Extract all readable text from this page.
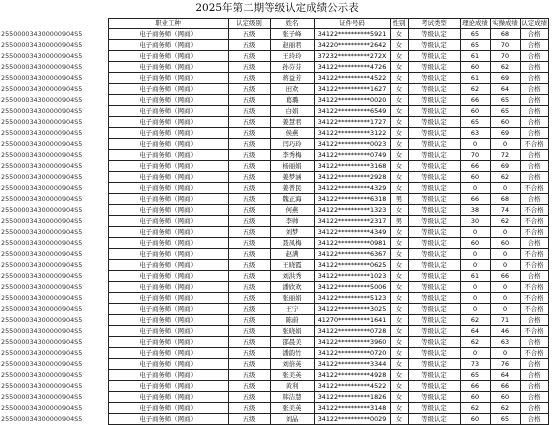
2025年第二期等级认定成绩公示表
	职业工种	认定级别	姓名	证件号码	性别	考试类型	理论成绩	实操成绩	认定成绩
255000034300000904S5	电子商务师（网商）	五级	张子峰	34122**********5921	女	等级认定	65	68	合格
255000034300000904S5	电子商务师（网商）	五级	赵丽君	34220**********2642	女	等级认定	65	70	合格
255000034300000904S5	电子商务师（网商）	五级	王玲玲	37232**********272X	女	等级认定	61	70	合格
255000034300000904S5	电子商务师（网商）	五级	孙芬芬	34122**********4726	女	等级认定	60	62	合格
255000034300000904S5	电子商务师（网商）	五级	蒋益芳	34122**********4522	女	等级认定	61	69	合格
255000034300000904S5	电子商务师（网商）	五级	田欢	34122**********1627	女	等级认定	62	64	合格
255000034300000904S5	电子商务师（网商）	五级	葛璐	34122**********0020	女	等级认定	66	65	合格
255000034300000904S5	电子商务师（网商）	五级	白娟	34122**********6549	女	等级认定	60	65	合格
255000034300000904S5	电子商务师（网商）	五级	姜慧君	34122**********1727	女	等级认定	65	60	合格
255000034300000904S5	电子商务师（网商）	五级	侯燕	34122**********3122	女	等级认定	63	69	合格
255000034300000904S5	电子商务师（网商）	五级	闫巧玲	34122**********0023	女	等级认定	0	0	不合格
255000034300000904S5	电子商务师（网商）	五级	李秀梅	34122**********0749	女	等级认定	70	72	合格
255000034300000904S5	电子商务师（网商）	五级	杨丽娟	34122**********3168	女	等级认定	66	69	合格
255000034300000904S5	电子商务师（网商）	五级	姜梦涵	34122**********2928	女	等级认定	60	62	合格
255000034300000904S5	电子商务师（网商）	五级	姜普民	34122**********4329	女	等级认定	0	0	不合格
255000034300000904S5	电子商务师（网商）	五级	魏正海	34122**********6318	男	等级认定	66	68	合格
255000034300000904S5	电子商务师（网商）	五级	何燕	34122**********1323	女	等级认定	38	74	不合格
255000034300000904S5	电子商务师（网商）	五级	李帅	34122**********2317	男	等级认定	30	62	不合格
255000034300000904S5	电子商务师（网商）	五级	刘梦	34122**********4349	女	等级认定	0	0	不合格
255000034300000904S5	电子商务师（网商）	五级	聂凤梅	34122**********0981	女	等级认定	60	60	合格
255000034300000904S5	电子商务师（网商）	五级	赵满	34122**********6367	女	等级认定	0	0	不合格
255000034300000904S5	电子商务师（网商）	五级	王晓霞	34122**********0625	女	等级认定	0	0	不合格
255000034300000904S5	电子商务师（网商）	五级	刘洪秀	34122**********1023	女	等级认定	61	66	合格
255000034300000904S5	电子商务师（网商）	五级	潘欣欢	34122**********5006	女	等级认定	0	0	不合格
255000034300000904S5	电子商务师（网商）	五级	张丽娟	34122**********5123	女	等级认定	0	0	不合格
255000034300000904S5	电子商务师（网商）	五级	王宁	34122**********3025	女	等级认定	0	0	不合格
255000034300000904S5	电子商务师（网商）	五级	陈蔚	41270**********1641	女	等级认定	62	71	合格
255000034300000904S5	电子商务师（网商）	五级	张晓娟	34122**********0728	女	等级认定	64	46	不合格
255000034300000904S5	电子商务师（网商）	五级	邵晨美	34122**********3960	女	等级认定	62	63	合格
255000034300000904S5	电子商务师（网商）	五级	潘韵竹	34122**********0720	女	等级认定	0	0	不合格
255000034300000904S5	电子商务师（网商）	五级	刘倍英	34122**********3344	女	等级认定	73	76	合格
255000034300000904S5	电子商务师（网商）	五级	张美英	34122**********4928	女	等级认定	65	64	合格
255000034300000904S5	电子商务师（网商）	五级	黄利	34122**********4522	女	等级认定	66	66	合格
255000034300000904S5	电子商务师（网商）	五级	韩洁慧	34122**********1826	女	等级认定	60	60	合格
255000034300000904S5	电子商务师（网商）	五级	张美英	34122**********3148	女	等级认定	62	62	合格
255000034300000904S5	电子商务师（网商）	五级	刘晶	34122**********0029	女	等级认定	60	65	合格
